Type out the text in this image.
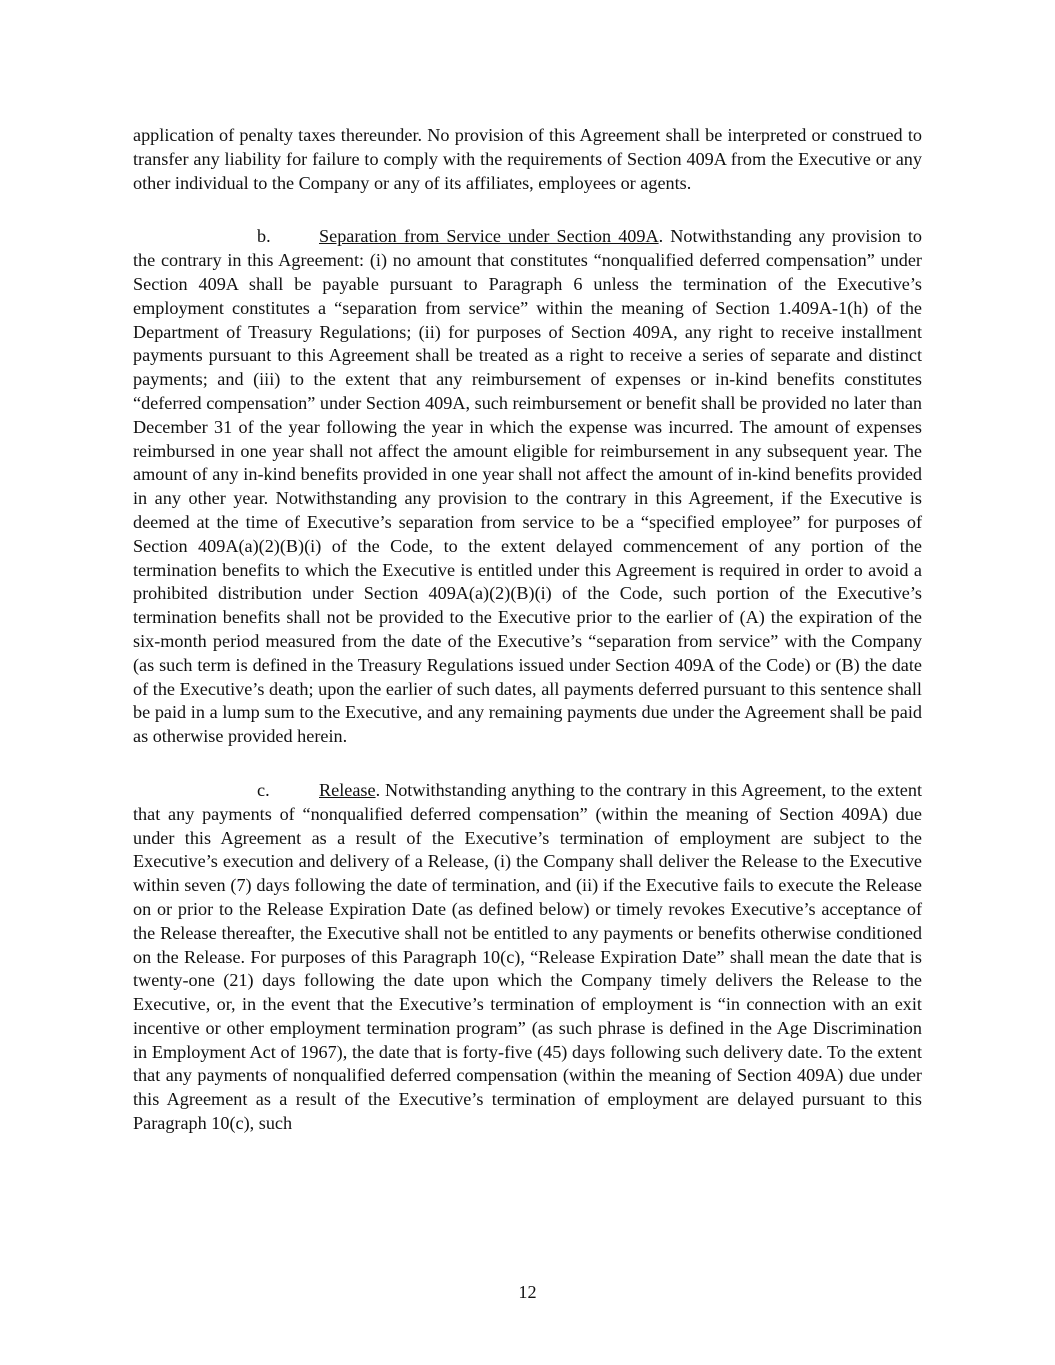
application of penalty taxes thereunder. No provision of this Agreement shall be interpreted or construed to transfer any liability for failure to comply with the requirements of Section 409A from the Executive or any other individual to the Company or any of its affiliates, employees or agents.

b.	Separation from Service under Section 409A. Notwithstanding any provision to the contrary in this Agreement: (i) no amount that constitutes “nonqualified deferred compensation” under Section 409A shall be payable pursuant to Paragraph 6 unless the termination of the Executive’s employment constitutes a “separation from service” within the meaning of Section 1.409A-1(h) of the Department of Treasury Regulations; (ii) for purposes of Section 409A, any right to receive installment payments pursuant to this Agreement shall be treated as a right to receive a series of separate and distinct payments; and (iii) to the extent that any reimbursement of expenses or in-kind benefits constitutes “deferred compensation” under Section 409A, such reimbursement or benefit shall be provided no later than December 31 of the year following the year in which the expense was incurred. The amount of expenses reimbursed in one year shall not affect the amount eligible for reimbursement in any subsequent year. The amount of any in-kind benefits provided in one year shall not affect the amount of in-kind benefits provided in any other year. Notwithstanding any provision to the contrary in this Agreement, if the Executive is deemed at the time of Executive’s separation from service to be a “specified employee” for purposes of Section 409A(a)(2)(B)(i) of the Code, to the extent delayed commencement of any portion of the termination benefits to which the Executive is entitled under this Agreement is required in order to avoid a prohibited distribution under Section 409A(a)(2)(B)(i) of the Code, such portion of the Executive’s termination benefits shall not be provided to the Executive prior to the earlier of (A) the expiration of the six-month period measured from the date of the Executive’s “separation from service” with the Company (as such term is defined in the Treasury Regulations issued under Section 409A of the Code) or (B) the date of the Executive’s death; upon the earlier of such dates, all payments deferred pursuant to this sentence shall be paid in a lump sum to the Executive, and any remaining payments due under the Agreement shall be paid as otherwise provided herein.

c.	Release. Notwithstanding anything to the contrary in this Agreement, to the extent that any payments of “nonqualified deferred compensation” (within the meaning of Section 409A) due under this Agreement as a result of the Executive’s termination of employment are subject to the Executive’s execution and delivery of a Release, (i) the Company shall deliver the Release to the Executive within seven (7) days following the date of termination, and (ii) if the Executive fails to execute the Release on or prior to the Release Expiration Date (as defined below) or timely revokes Executive’s acceptance of the Release thereafter, the Executive shall not be entitled to any payments or benefits otherwise conditioned on the Release. For purposes of this Paragraph 10(c), “Release Expiration Date” shall mean the date that is twenty-one (21) days following the date upon which the Company timely delivers the Release to the Executive, or, in the event that the Executive’s termination of employment is “in connection with an exit incentive or other employment termination program” (as such phrase is defined in the Age Discrimination in Employment Act of 1967), the date that is forty-five (45) days following such delivery date. To the extent that any payments of nonqualified deferred compensation (within the meaning of Section 409A) due under this Agreement as a result of the Executive’s termination of employment are delayed pursuant to this Paragraph 10(c), such

12
